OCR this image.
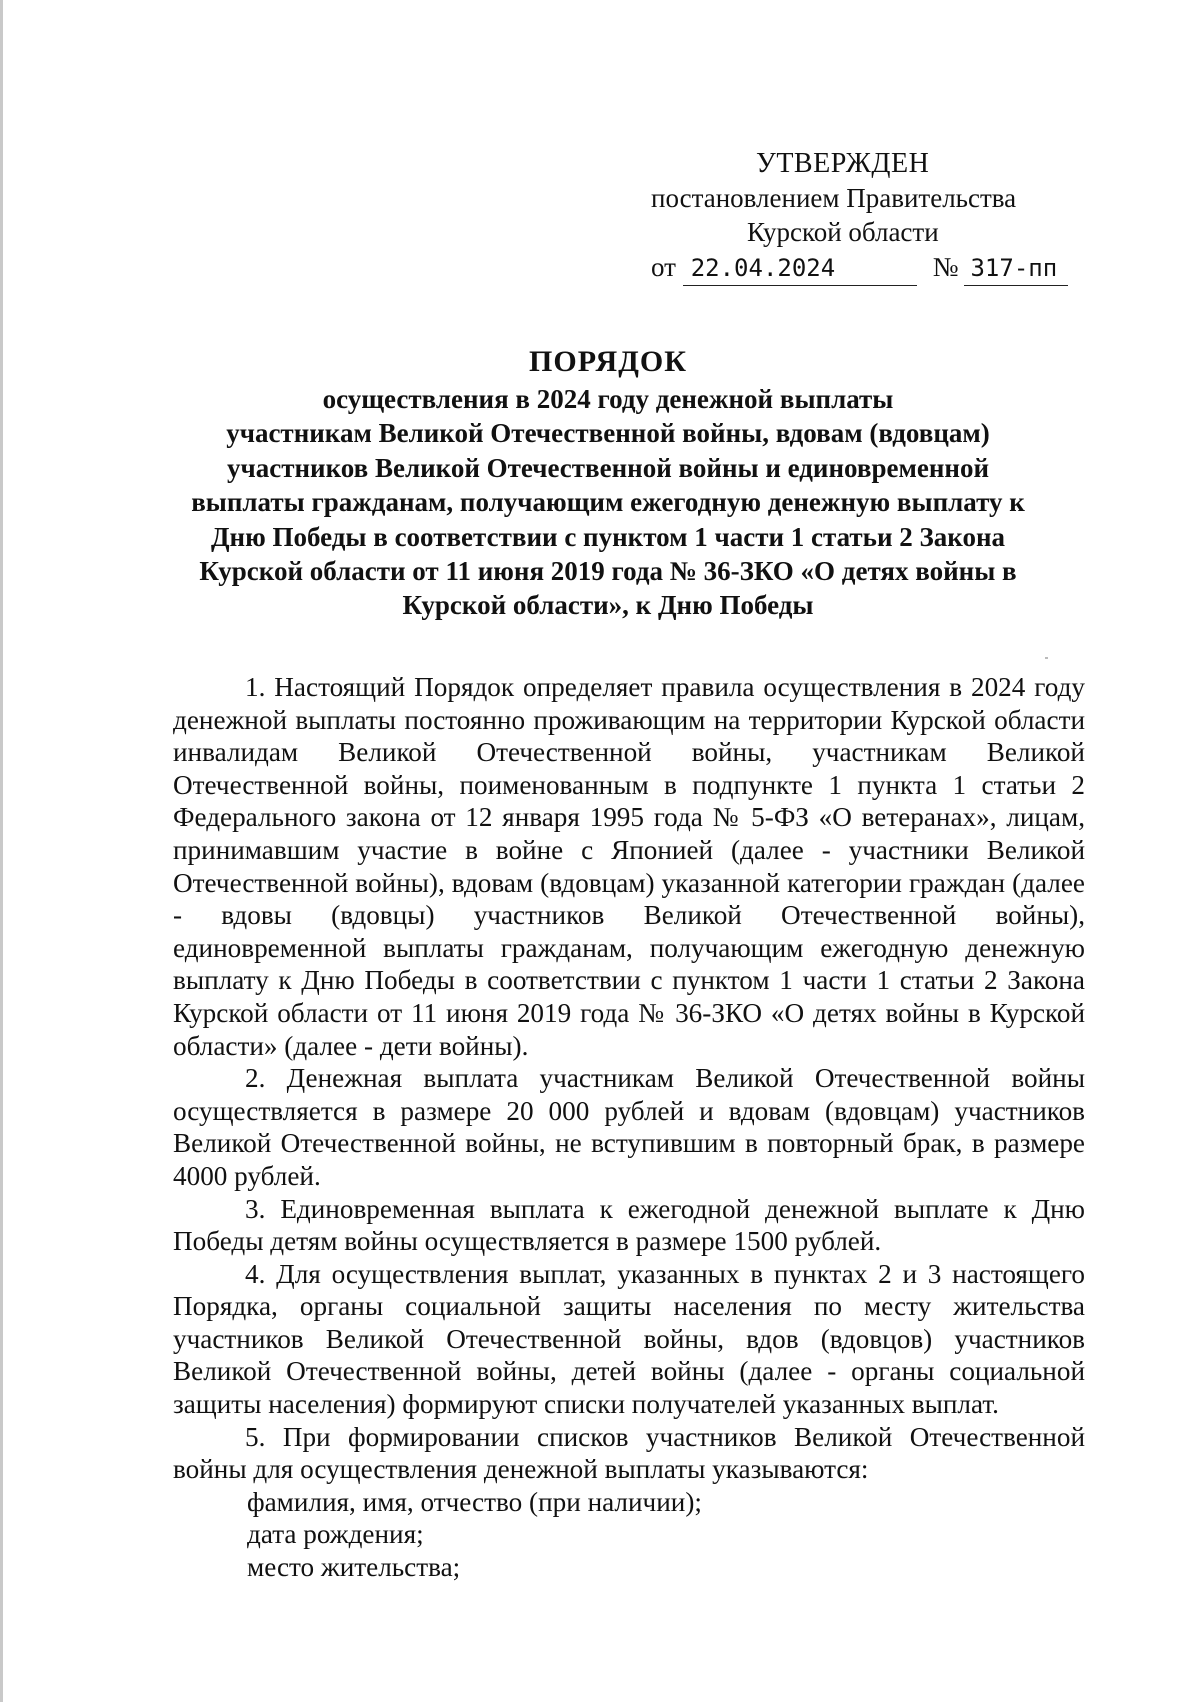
УТВЕРЖДЕН
постановлением Правительства
Курской области
от 22.04.2024	№ 317-пп
ПОРЯДОК
осуществления в 2024 году денежной выплаты
участникам Великой Отечественной войны, вдовам (вдовцам)
участников Великой Отечественной войны и единовременной
выплаты гражданам, получающим ежегодную денежную выплату к
Дню Победы в соответствии с пунктом 1 части 1 статьи 2 Закона
Курской области от 11 июня 2019 года № 36-ЗКО «О детях войны в
Курской области», к Дню Победы

1. Настоящий Порядок определяет правила осуществления в 2024 году денежной выплаты постоянно проживающим на территории Курской области инвалидам Великой Отечественной войны, участникам Великой Отечественной войны, поименованным в подпункте 1 пункта 1 статьи 2 Федерального закона от 12 января 1995 года № 5-ФЗ «О ветеранах», лицам, принимавшим участие в войне с Японией (далее - участники Великой Отечественной войны), вдовам (вдовцам) указанной категории граждан (далее - вдовы (вдовцы) участников Великой Отечественной войны), единовременной выплаты гражданам, получающим ежегодную денежную выплату к Дню Победы в соответствии с пунктом 1 части 1 статьи 2 Закона Курской области от 11 июня 2019 года № 36-ЗКО «О детях войны в Курской области» (далее - дети войны).

2. Денежная выплата участникам Великой Отечественной войны осуществляется в размере 20 000 рублей и вдовам (вдовцам) участников Великой Отечественной войны, не вступившим в повторный брак, в размере 4000 рублей.

3. Единовременная выплата к ежегодной денежной выплате к Дню Победы детям войны осуществляется в размере 1500 рублей.

4. Для осуществления выплат, указанных в пунктах 2 и 3 настоящего Порядка, органы социальной защиты населения по месту жительства участников Великой Отечественной войны, вдов (вдовцов) участников Великой Отечественной войны, детей войны (далее - органы социальной защиты населения) формируют списки получателей указанных выплат.

5. При формировании списков участников Великой Отечественной войны для осуществления денежной выплаты указываются:

фамилия, имя, отчество (при наличии);

дата рождения;

место жительства;
